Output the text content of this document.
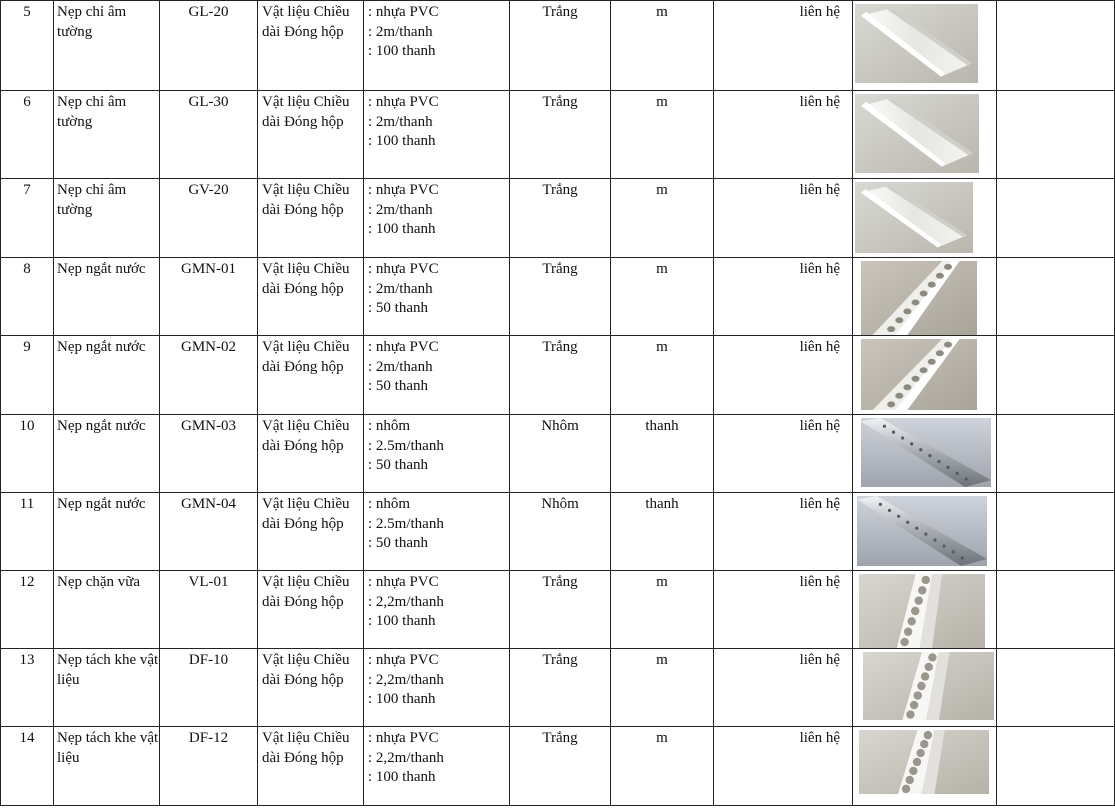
5	Nẹp chỉ âm tường	GL-20	Vật liệu Chiều dài Đóng hộp	: nhựa PVC
: 2m/thanh
: 100 thanh	Trắng	m	liên hệ	

6	Nẹp chỉ âm tường	GL-30	Vật liệu Chiều dài Đóng hộp	: nhựa PVC
: 2m/thanh
: 100 thanh	Trắng	m	liên hệ	

7	Nẹp chỉ âm tường	GV-20	Vật liệu Chiều dài Đóng hộp	: nhựa PVC
: 2m/thanh
: 100 thanh	Trắng	m	liên hệ	

8	Nẹp ngắt nước	GMN-01	Vật liệu Chiều dài Đóng hộp	: nhựa PVC
: 2m/thanh
: 50 thanh	Trắng	m	liên hệ	

9	Nẹp ngắt nước	GMN-02	Vật liệu Chiều dài Đóng hộp	: nhựa PVC
: 2m/thanh
: 50 thanh	Trắng	m	liên hệ	

10	Nẹp ngắt nước	GMN-03	Vật liệu Chiều dài Đóng hộp	: nhôm
: 2.5m/thanh
: 50 thanh	Nhôm	thanh	liên hệ	

11	Nẹp ngắt nước	GMN-04	Vật liệu Chiều dài Đóng hộp	: nhôm
: 2.5m/thanh
: 50 thanh	Nhôm	thanh	liên hệ	

12	Nẹp chặn vữa	VL-01	Vật liệu Chiều dài Đóng hộp	: nhựa PVC
: 2,2m/thanh
: 100 thanh	Trắng	m	liên hệ	

13	Nẹp tách khe vật liệu	DF-10	Vật liệu Chiều dài Đóng hộp	: nhựa PVC
: 2,2m/thanh
: 100 thanh	Trắng	m	liên hệ	

14	Nẹp tách khe vật liệu	DF-12	Vật liệu Chiều dài Đóng hộp	: nhựa PVC
: 2,2m/thanh
: 100 thanh	Trắng	m	liên hệ	
